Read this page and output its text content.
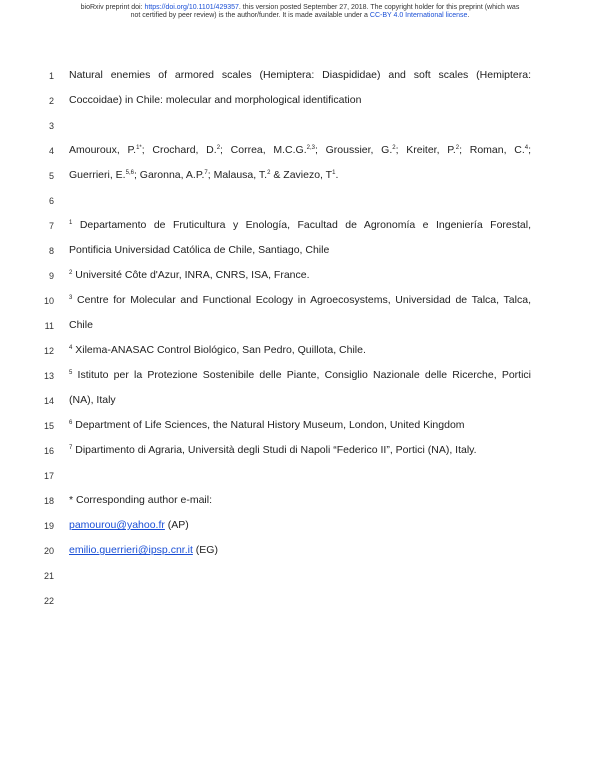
bioRxiv preprint doi: https://doi.org/10.1101/429357. this version posted September 27, 2018. The copyright holder for this preprint (which was
not certified by peer review) is the author/funder. It is made available under a CC-BY 4.0 International license.
1 Natural enemies of armored scales (Hemiptera: Diaspididae) and soft scales (Hemiptera:
2 Coccoidae) in Chile: molecular and morphological identification
3
4 Amouroux, P.$^{1*}$; Crochard, D.$^2$; Correa, M.C.G.$^{2,3}$; Groussier, G.$^2$; Kreiter, P.$^2$; Roman, C.$^4$;
5 Guerrieri, E.$^{5,6}$; Garonna, A.P.$^7$; Malausa, T.$^2$ & Zaviezo, $T^1$.
6
7	$^1$ Departamento de Fruticultura y Enología, Facultad de Agronomía e Ingeniería Forestal,
8 Pontificia Universidad Católica de Chile, Santiago, Chile
9	$^2$ Université Côte d'Azur, INRA, CNRS, ISA, France.
10	$^3$ Centre for Molecular and Functional Ecology in Agroecosystems, Universidad de Talca, Talca,
11 Chile
12	$^4$ Xilema-ANASAC Control Biológico, San Pedro, Quillota, Chile.
13	$^5$ Istituto per la Protezione Sostenibile delle Piante, Consiglio Nazionale delle Ricerche, Portici
14 (NA), Italy
15	$^6$ Department of Life Sciences, the Natural History Museum, London, United Kingdom
16	$^7$ Dipartimento di Agraria, Università degli Studi di Napoli “Federico II”, Portici (NA), Italy.
17
18 * Corresponding author e-mail:
19 pamourou@yahoo.fr (AP)
20 emilio.guerrieri@ipsp.cnr.it (EG)
21
22
